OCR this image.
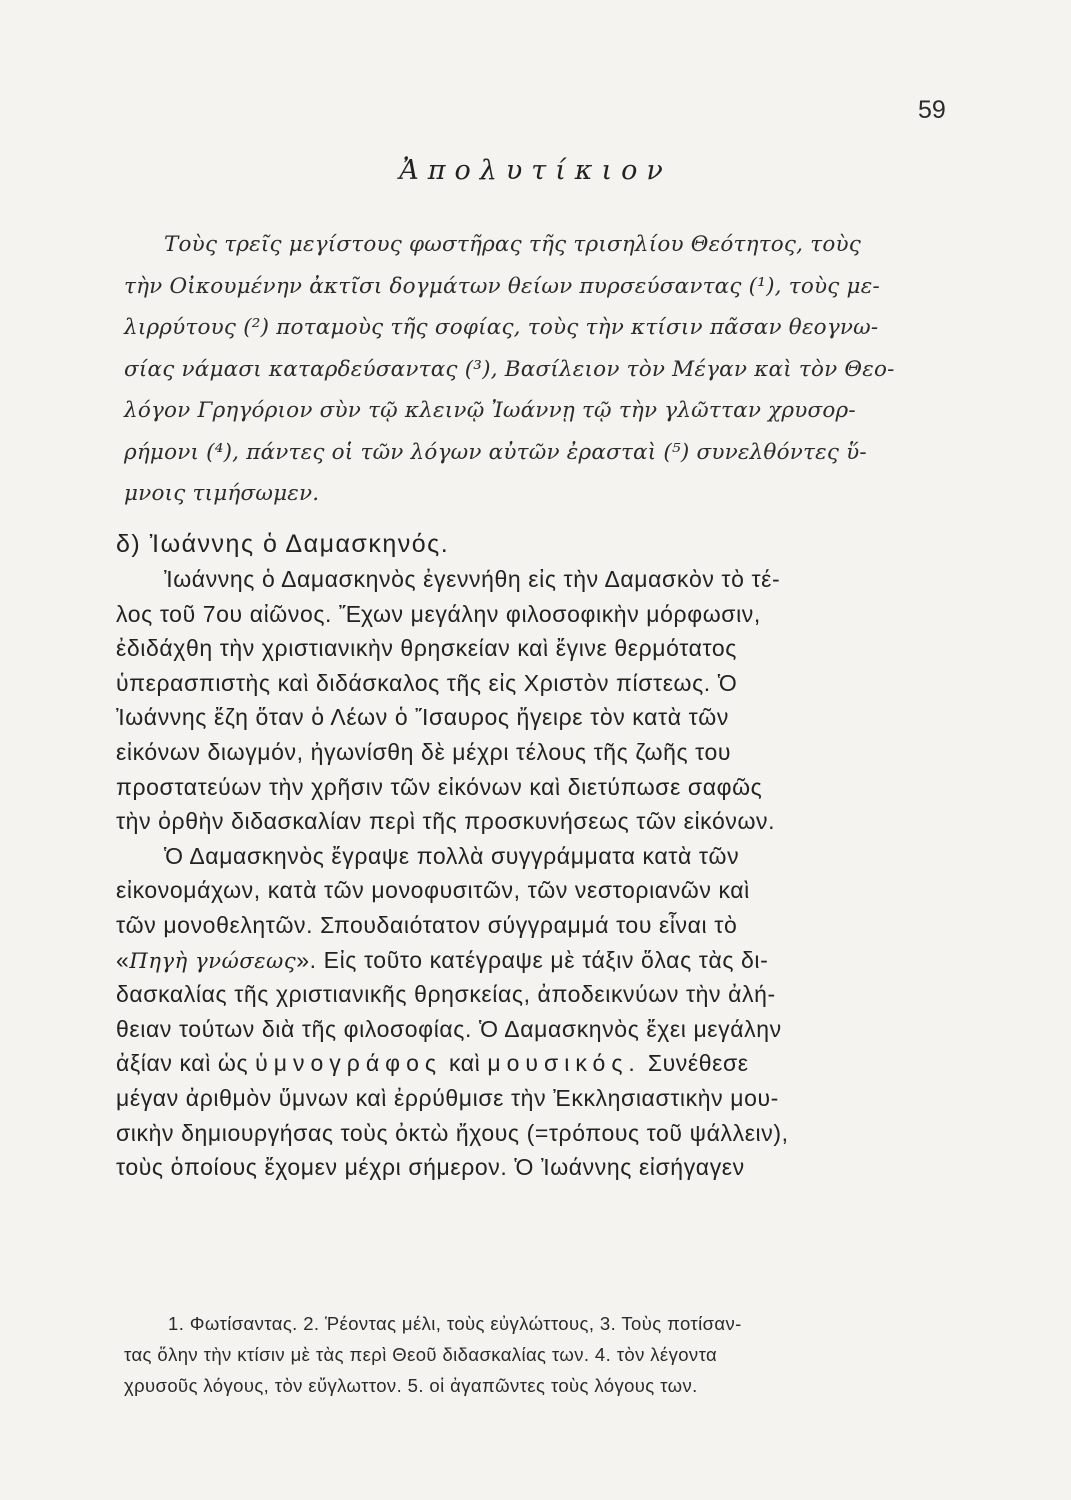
59
Ἀπολυτίκιον
Τοὺς τρεῖς μεγίστους φωστῆρας τῆς τρισηλίου Θεότητος, τοὺς
τὴν Οἰκουμένην ἀκτῖσι δογμάτων θείων πυρσεύσαντας (¹), τοὺς με-
λιρρύτους (²) ποταμοὺς τῆς σοφίας, τοὺς τὴν κτίσιν πᾶσαν θεογνω-
σίας νάμασι καταρδεύσαντας (³), Βασίλειον τὸν Μέγαν καὶ τὸν Θεο-
λόγον Γρηγόριον σὺν τῷ κλεινῷ Ἰωάννῃ τῷ τὴν γλῶτταν χρυσορ-
ρήμονι (⁴), πάντες οἱ τῶν λόγων αὐτῶν ἐρασταὶ (⁵) συνελθόντες ὕ-
μνοις τιμήσωμεν.
δ) Ἰωάννης ὁ Δαμασκηνός.
Ἰωάννης ὁ Δαμασκηνὸς ἐγεννήθη εἰς τὴν Δαμασκὸν τὸ τέ-
λος τοῦ 7ου αἰῶνος. Ἔχων μεγάλην φιλοσοφικὴν μόρφωσιν,
ἐδιδάχθη τὴν χριστιανικὴν θρησκείαν καὶ ἔγινε θερμότατος
ὑπερασπιστὴς καὶ διδάσκαλος τῆς εἰς Χριστὸν πίστεως. Ὁ
Ἰωάννης ἔζη ὅταν ὁ Λέων ὁ Ἴσαυρος ἤγειρε τὸν κατὰ τῶν
εἰκόνων διωγμόν, ἠγωνίσθη δὲ μέχρι τέλους τῆς ζωῆς του
προστατεύων τὴν χρῆσιν τῶν εἰκόνων καὶ διετύπωσε σαφῶς
τὴν ὀρθὴν διδασκαλίαν περὶ τῆς προσκυνήσεως τῶν εἰκόνων.
Ὁ Δαμασκηνὸς ἔγραψε πολλὰ συγγράμματα κατὰ τῶν
εἰκονομάχων, κατὰ τῶν μονοφυσιτῶν, τῶν νεστοριανῶν καὶ
τῶν μονοθελητῶν. Σπουδαιότατον σύγγραμμά του εἶναι τὸ
«Πηγὴ γνώσεως». Εἰς τοῦτο κατέγραψε μὲ τάξιν ὅλας τὰς δι-
δασκαλίας τῆς χριστιανικῆς θρησκείας, ἀποδεικνύων τὴν ἀλή-
θειαν τούτων διὰ τῆς φιλοσοφίας. Ὁ Δαμασκηνὸς ἔχει μεγάλην
ἀξίαν καὶ ὡς ὑμνογράφος καὶ μουσικός. Συνέθεσε
μέγαν ἀριθμὸν ὕμνων καὶ ἐρρύθμισε τὴν Ἐκκλησιαστικὴν μου-
σικὴν δημιουργήσας τοὺς ὀκτὼ ἤχους (=τρόπους τοῦ ψάλλειν),
τοὺς ὁποίους ἔχομεν μέχρι σήμερον. Ὁ Ἰωάννης εἰσήγαγεν
1. Φωτίσαντας. 2. Ῥέοντας μέλι, τοὺς εὐγλώττους, 3. Τοὺς ποτίσαν-
τας ὅλην τὴν κτίσιν μὲ τὰς περὶ Θεοῦ διδασκαλίας των. 4. τὸν λέγοντα
χρυσοῦς λόγους, τὸν εὔγλωττον. 5. οἱ ἀγαπῶντες τοὺς λόγους των.
